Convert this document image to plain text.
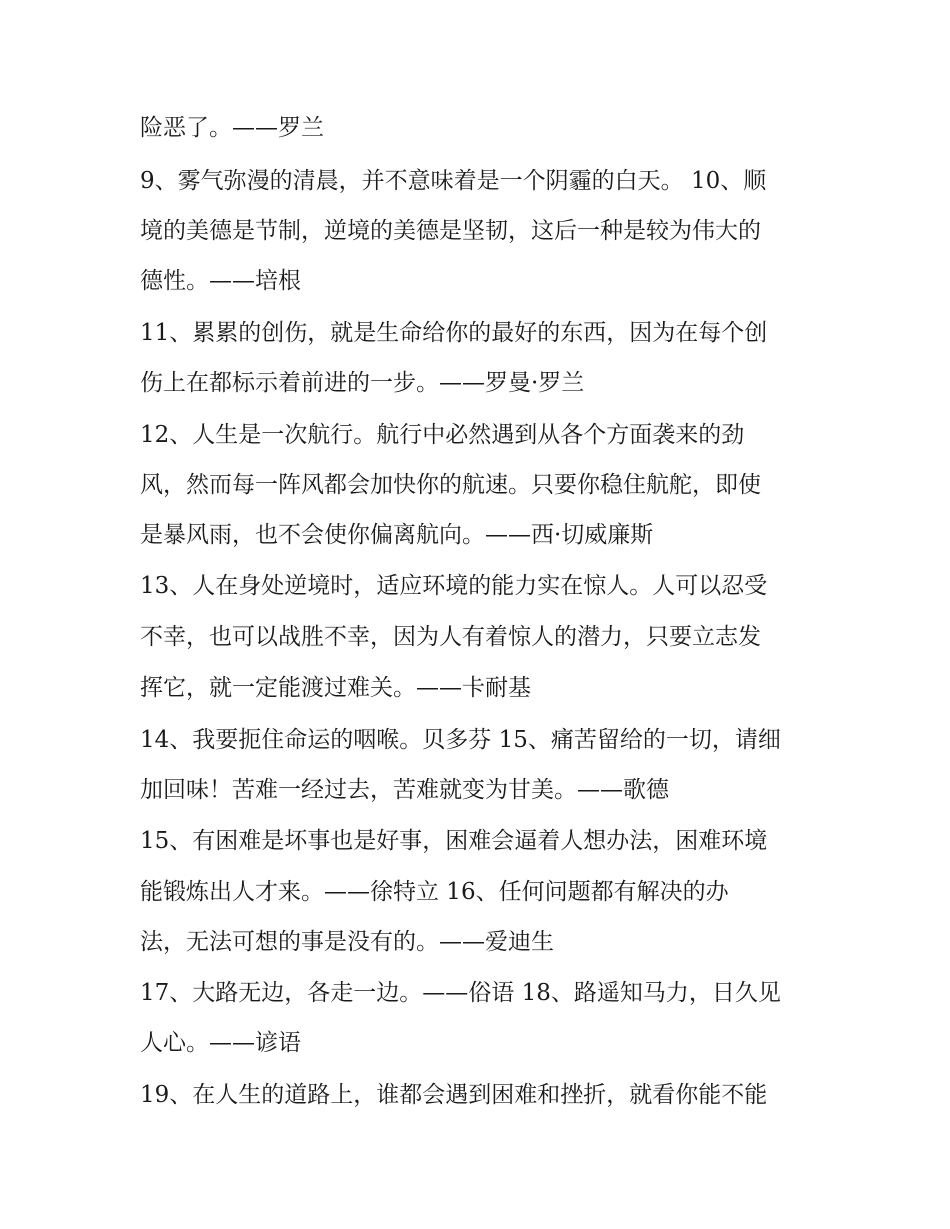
险恶了。——罗兰
9、雾气弥漫的清晨，并不意味着是一个阴霾的白天。 10、顺
境的美德是节制，逆境的美德是坚韧，这后一种是较为伟大的
德性。——培根
11、累累的创伤，就是生命给你的最好的东西，因为在每个创
伤上在都标示着前进的一步。——罗曼·罗兰
12、人生是一次航行。航行中必然遇到从各个方面袭来的劲
风，然而每一阵风都会加快你的航速。只要你稳住航舵，即使
是暴风雨，也不会使你偏离航向。——西·切威廉斯
13、人在身处逆境时，适应环境的能力实在惊人。人可以忍受
不幸，也可以战胜不幸，因为人有着惊人的潜力，只要立志发
挥它，就一定能渡过难关。——卡耐基
14、我要扼住命运的咽喉。贝多芬 15、痛苦留给的一切，请细
加回味！苦难一经过去，苦难就变为甘美。——歌德
15、有困难是坏事也是好事，困难会逼着人想办法，困难环境
能锻炼出人才来。——徐特立 16、任何问题都有解决的办
法，无法可想的事是没有的。——爱迪生
17、大路无边，各走一边。——俗语 18、路遥知马力，日久见
人心。——谚语
19、在人生的道路上，谁都会遇到困难和挫折，就看你能不能
